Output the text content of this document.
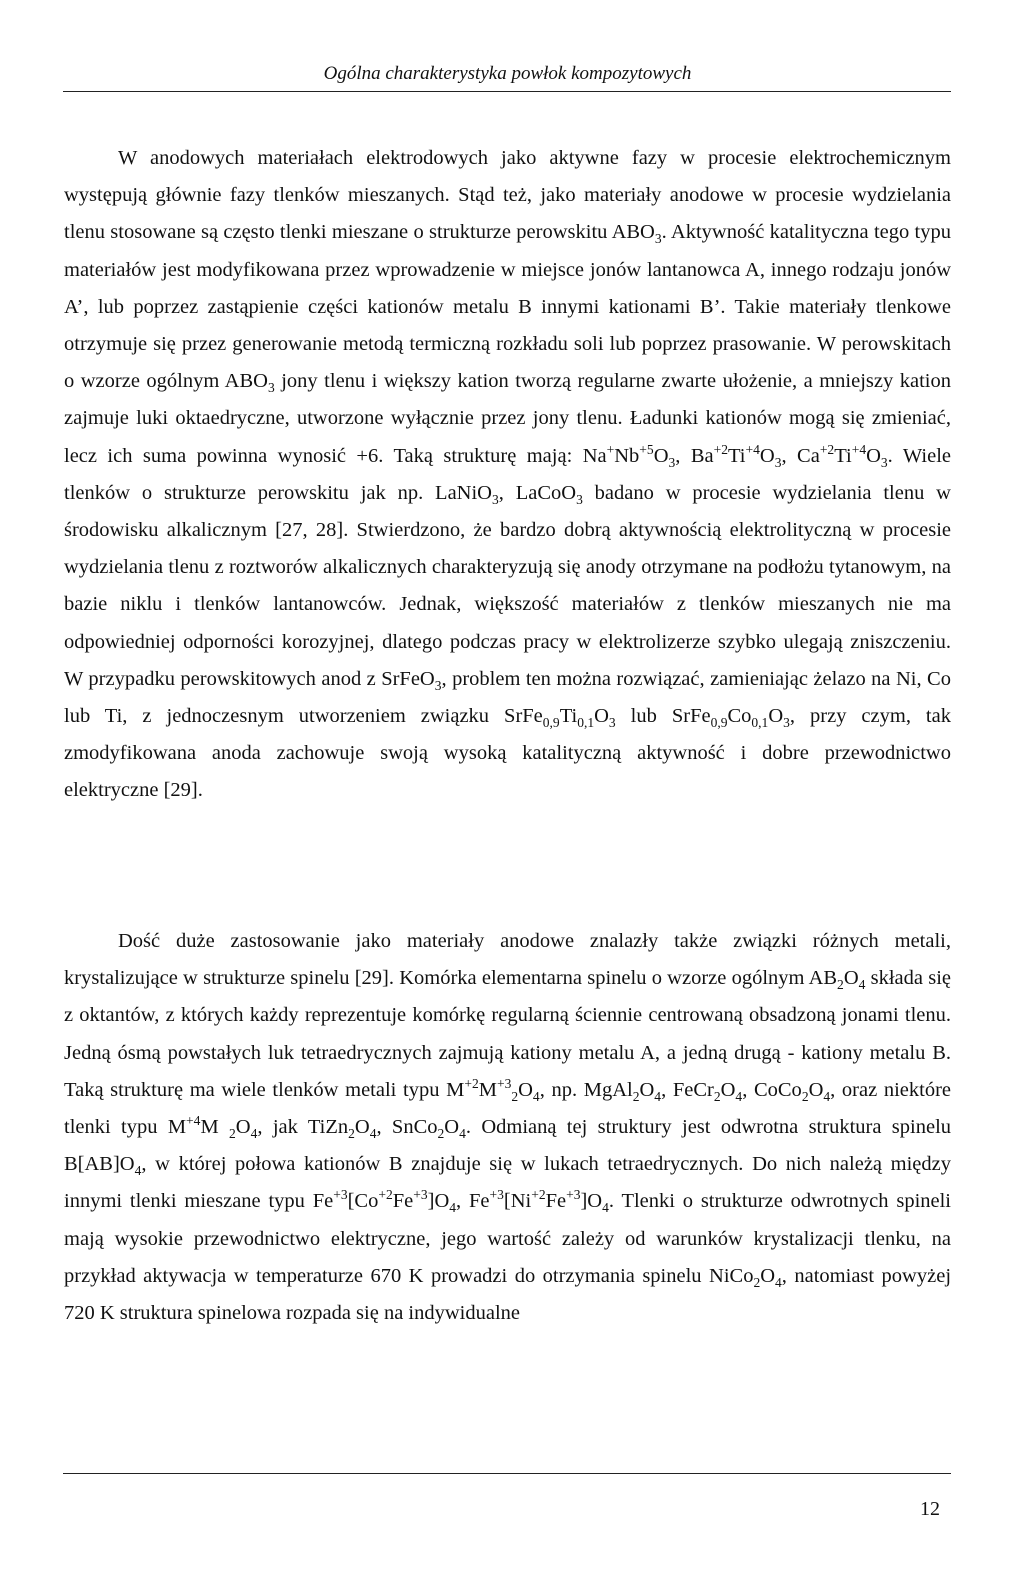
Ogólna charakterystyka powłok kompozytowych

W anodowych materiałach elektrodowych jako aktywne fazy w procesie elektrochemicznym występują głównie fazy tlenków mieszanych. Stąd też, jako materiały anodowe w procesie wydzielania tlenu stosowane są często tlenki mieszane o strukturze perowskitu $ABO_3$. Aktywność katalityczna tego typu materiałów jest modyfikowana przez wprowadzenie w miejsce jonów lantanowca A, innego rodzaju jonów A’, lub poprzez zastąpienie części kationów metalu B innymi kationami B’. Takie materiały tlenkowe otrzymuje się przez generowanie metodą termiczną rozkładu soli lub poprzez prasowanie. W perowskitach o wzorze ogólnym $ABO_3$ jony tlenu i większy kation tworzą regularne zwarte ułożenie, a mniejszy kation zajmuje luki oktaedryczne, utworzone wyłącznie przez jony tlenu. Ładunki kationów mogą się zmieniać, lecz ich suma powinna wynosić +6. Taką strukturę mają: $Na^+Nb^{+5}O_3$, $Ba^{+2}Ti^{+4}O_3$, $Ca^{+2}Ti^{+4}O_3$. Wiele tlenków o strukturze perowskitu jak np. LaNiO$_3$, LaCoO$_3$ badano w procesie wydzielania tlenu w środowisku alkalicznym [27, 28]. Stwierdzono, że bardzo dobrą aktywnością elektrolityczną w procesie wydzielania tlenu z roztworów alkalicznych charakteryzują się anody otrzymane na podłożu tytanowym, na bazie niklu i tlenków lantanowców. Jednak, większość materiałów z tlenków mieszanych nie ma odpowiedniej odporności korozyjnej, dlatego podczas pracy w elektrolizerze szybko ulegają zniszczeniu. W przypadku perowskitowych anod z SrFeO$_3$, problem ten można rozwiązać, zamieniając żelazo na Ni, Co lub Ti, z jednoczesnym utworzeniem związku $SrFe_{0,9}Ti_{0,1}O_3$ lub $SrFe_{0,9}Co_{0,1}O_3$, przy czym, tak zmodyfikowana anoda zachowuje swoją wysoką katalityczną aktywność i dobre przewodnictwo elektryczne [29].

Dość duże zastosowanie jako materiały anodowe znalazły także związki różnych metali, krystalizujące w strukturze spinelu [29]. Komórka elementarna spinelu o wzorze ogólnym $AB_2O_4$ składa się z oktantów, z których każdy reprezentuje komórkę regularną ściennie centrowaną obsadzoną jonami tlenu. Jedną ósmą powstałych luk tetraedrycznych zajmują kationy metalu A, a jedną drugą - kationy metalu B. Taką strukturę ma wiele tlenków metali typu $M^{+2}M^{+3}_2O_4$, np. $MgAl_2O_4$, $FeCr_2O_4$, $CoCo_2O_4$, oraz niektóre tlenki typu $M^{+4}M$ $_2O_4$, jak $TiZn_2O_4$, $SnCo_2O_4$. Odmianą tej struktury jest odwrotna struktura spinelu $B[AB]O_4$, w której połowa kationów B znajduje się w lukach tetraedrycznych. Do nich należą między innymi tlenki mieszane typu $Fe^{+3}[Co^{+2}Fe^{+3}]O_4$, $Fe^{+3}[Ni^{+2}Fe^{+3}]O_4$. Tlenki o strukturze odwrotnych spineli mają wysokie przewodnictwo elektryczne, jego wartość zależy od warunków krystalizacji tlenku, na przykład aktywacja w temperaturze 670 K prowadzi do otrzymania spinelu $NiCo_2O_4$, natomiast powyżej 720 K struktura spinelowa rozpada się na indywidualne

12
